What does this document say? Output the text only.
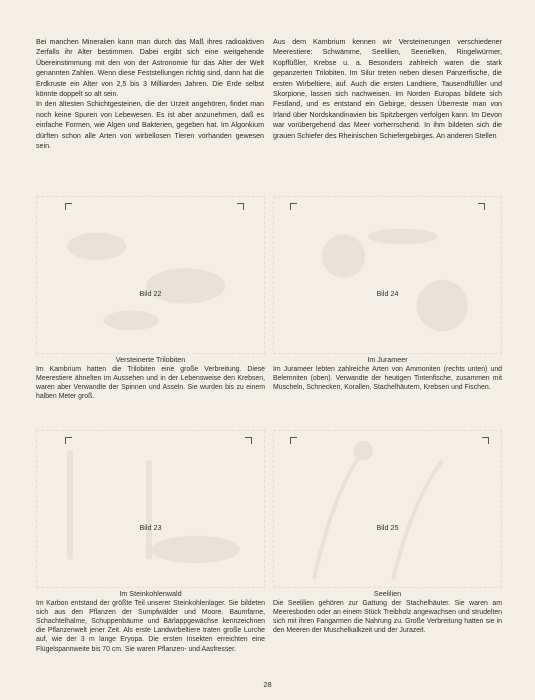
Bei manchen Mineralien kann man durch das Maß ihres radioaktiven Zerfalls ihr Alter bestimmen. Dabei ergibt sich eine weitgehende Übereinstimmung mit den von der Astronomie für das Alter der Welt genannten Zahlen. Wenn diese Feststellungen richtig sind, dann hat die Erdkruste ein Alter von 2,5 bis 3 Milliarden Jahren. Die Erde selbst könnte doppelt so alt sein.

In den ältesten Schichtgesteinen, die der Urzeit angehören, findet man noch keine Spuren von Lebewesen. Es ist aber anzunehmen, daß es einfache Formen, wie Algen und Bakterien, gegeben hat. Im Algonkium dürften schon alle Arten von wirbellosen Tieren vorhanden gewesen sein.

Aus dem Kambrium kennen wir Versteinerungen verschiedener Meerestiere: Schwämme, Seelilien, Seenelken, Ringelwürmer, Kopffüßler, Krebse u. a. Besonders zahlreich waren die stark gepanzerten Trilobiten. Im Silur treten neben diesen Panzerfische, die ersten Wirbeltiere, auf. Auch die ersten Landtiere, Tausendfüßler und Skorpione, lassen sich nachweisen. Im Norden Europas bildete sich Festland, und es entstand ein Gebirge, dessen Überreste man von Irland über Nordskandinavien bis Spitzbergen verfolgen kann. Im Devon war vorübergehend das Meer vorherrschend. In ihm bildeten sich die grauen Schiefer des Rheinischen Schiefergebirges. An anderen Stellen

Bild 22
Versteinerte Trilobiten
Im Kambrium hatten die Trilobiten eine große Verbreitung. Diese Meerestiere ähnelten im Aussehen und in der Lebensweise den Krebsen, waren aber Verwandte der Spinnen und Asseln. Sie wurden bis zu einem halben Meter groß.
Bild 24
Im Jurameer
Im Jurameer lebten zahlreiche Arten von Ammoniten (rechts unten) und Belemniten (oben). Verwandte der heutigen Tintenfische, zusammen mit Muscheln, Schnecken, Korallen, Stachelhäutern, Krebsen und Fischen.
Bild 23
Im Steinkohlenwald
Im Karbon entstand der größte Teil unserer Steinkohlenlager. Sie bildeten sich aus den Pflanzen der Sumpfwälder und Moore. Baumfarne, Schachtelhalme, Schuppenbäume und Bärlappgewächse kennzeichnen die Pflanzenwelt jener Zeit. Als erste Landwirbeltiere traten große Lurche auf, wie der 3 m lange Eryopa. Die ersten Insekten erreichten eine Flügelspannweite bis 70 cm. Sie waren Pflanzen- und Aasfresser.
Bild 25
Seelilien
Die Seelilien gehören zur Gattung der Stachelhäuter. Sie waren am Meeresboden oder an einem Stück Treibholz angewachsen und strudelten sich mit ihren Fangarmen die Nahrung zu. Große Verbreitung hatten sie in den Meeren der Muschelkalkzeit und der Jurazeit.
28
